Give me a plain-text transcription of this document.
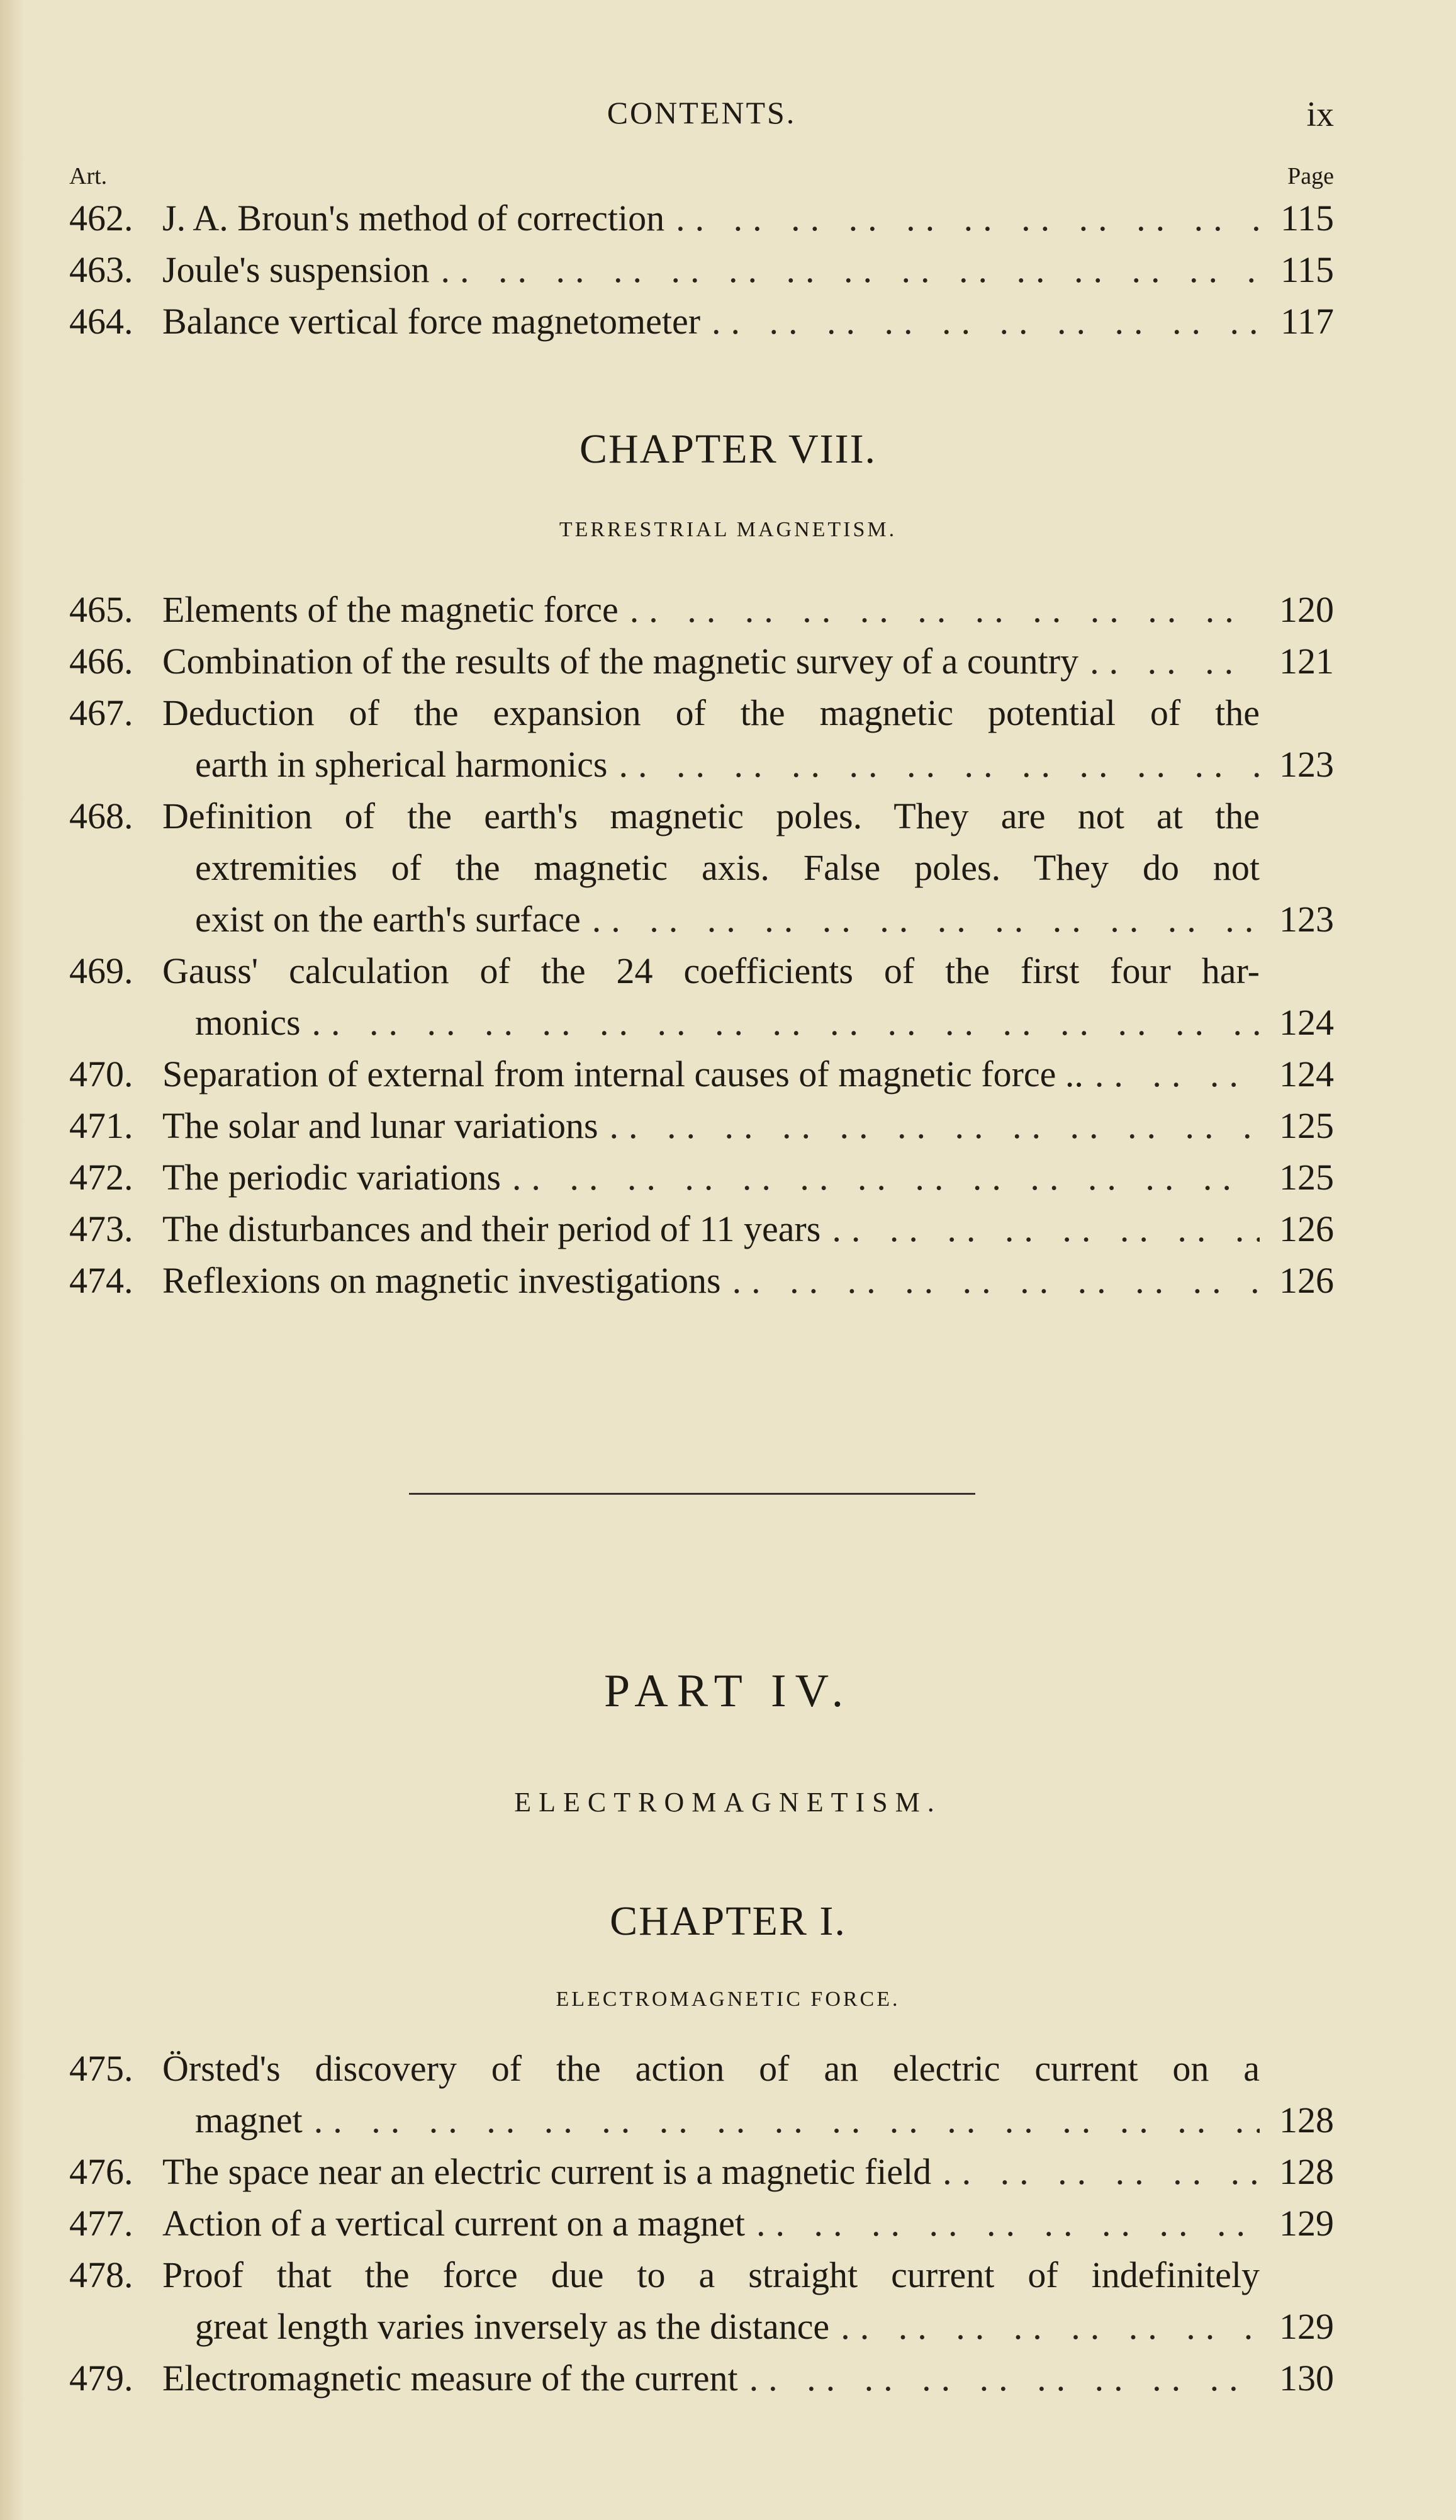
CONTENTS.	ix
Art.	Page
462. J. A. Broun's method of correction .. ..	115
463. Joule's suspension .. ..	115
464. Balance vertical force magnetometer .. ..	117
CHAPTER VIII.
TERRESTRIAL MAGNETISM.
465. Elements of the magnetic force .. ..	120
466. Combination of the results of the magnetic survey of a country .. ..	121
467. Deduction of the expansion of the magnetic potential of the
earth in spherical harmonics .. ..	123
468. Definition of the earth's magnetic poles. They are not at the
extremities of the magnetic axis. False poles. They do not
exist on the earth's surface .. ..	123
469. Gauss' calculation of the 24 coefficients of the first four har-
monics .. ..	124
470. Separation of external from internal causes of magnetic force .. .. ..	124
471. The solar and lunar variations .. ..	125
472. The periodic variations .. ..	125
473. The disturbances and their period of 11 years .. ..	126
474. Reflexions on magnetic investigations .. ..	126
PART IV.
ELECTROMAGNETISM.
CHAPTER I.
ELECTROMAGNETIC FORCE.
475. Örsted's discovery of the action of an electric current on a
magnet .. ..	128
476. The space near an electric current is a magnetic field .. ..	128
477. Action of a vertical current on a magnet .. ..	129
478. Proof that the force due to a straight current of indefinitely
great length varies inversely as the distance .. ..	129
479. Electromagnetic measure of the current .. ..	130
